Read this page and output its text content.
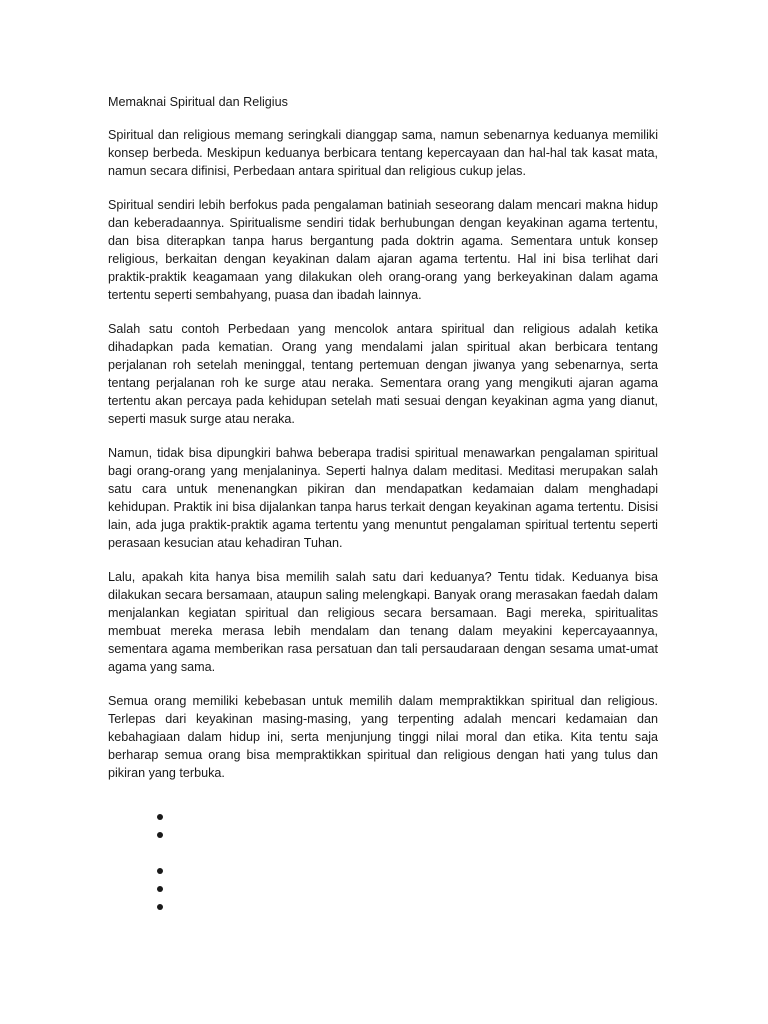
Memaknai Spiritual dan Religius

Spiritual dan religious memang seringkali dianggap sama, namun sebenarnya keduanya memiliki konsep berbeda. Meskipun keduanya berbicara tentang kepercayaan dan hal-hal tak kasat mata, namun secara difinisi, Perbedaan antara spiritual dan religious cukup jelas.

Spiritual sendiri lebih berfokus pada pengalaman batiniah seseorang dalam mencari makna hidup dan keberadaannya. Spiritualisme sendiri tidak berhubungan dengan keyakinan agama tertentu, dan bisa diterapkan tanpa harus bergantung pada doktrin agama. Sementara untuk konsep religious, berkaitan dengan keyakinan dalam ajaran agama tertentu. Hal ini bisa terlihat dari praktik-praktik keagamaan yang dilakukan oleh orang-orang yang berkeyakinan dalam agama tertentu seperti sembahyang, puasa dan ibadah lainnya.

Salah satu contoh Perbedaan yang mencolok antara spiritual dan religious adalah ketika dihadapkan pada kematian. Orang yang mendalami jalan spiritual akan berbicara tentang perjalanan roh setelah meninggal, tentang pertemuan dengan jiwanya yang sebenarnya, serta tentang perjalanan roh ke surge atau neraka. Sementara orang yang mengikuti ajaran agama tertentu akan percaya pada kehidupan setelah mati sesuai dengan keyakinan agma yang dianut, seperti masuk surge atau neraka.

Namun, tidak bisa dipungkiri bahwa beberapa tradisi spiritual menawarkan pengalaman spiritual bagi orang-orang yang menjalaninya. Seperti halnya dalam meditasi. Meditasi merupakan salah satu cara untuk menenangkan pikiran dan mendapatkan kedamaian dalam menghadapi kehidupan. Praktik ini bisa dijalankan tanpa harus terkait dengan keyakinan agama tertentu. Disisi lain, ada juga praktik-praktik agama tertentu yang menuntut pengalaman spiritual tertentu seperti perasaan kesucian atau kehadiran Tuhan.

Lalu, apakah kita hanya bisa memilih salah satu dari keduanya? Tentu tidak. Keduanya bisa dilakukan secara bersamaan, ataupun saling melengkapi. Banyak orang merasakan faedah dalam menjalankan kegiatan spiritual dan religious secara bersamaan. Bagi mereka, spiritualitas membuat mereka merasa lebih mendalam dan tenang dalam meyakini kepercayaannya, sementara agama memberikan rasa persatuan dan tali persaudaraan dengan sesama umat-umat agama yang sama.

Semua orang memiliki kebebasan untuk memilih dalam mempraktikkan spiritual dan religious. Terlepas dari keyakinan masing-masing, yang terpenting adalah mencari kedamaian dan kebahagiaan dalam hidup ini, serta menjunjung tinggi nilai moral dan etika. Kita tentu saja berharap semua orang bisa mempraktikkan spiritual dan religious dengan hati yang tulus dan pikiran yang terbuka.
